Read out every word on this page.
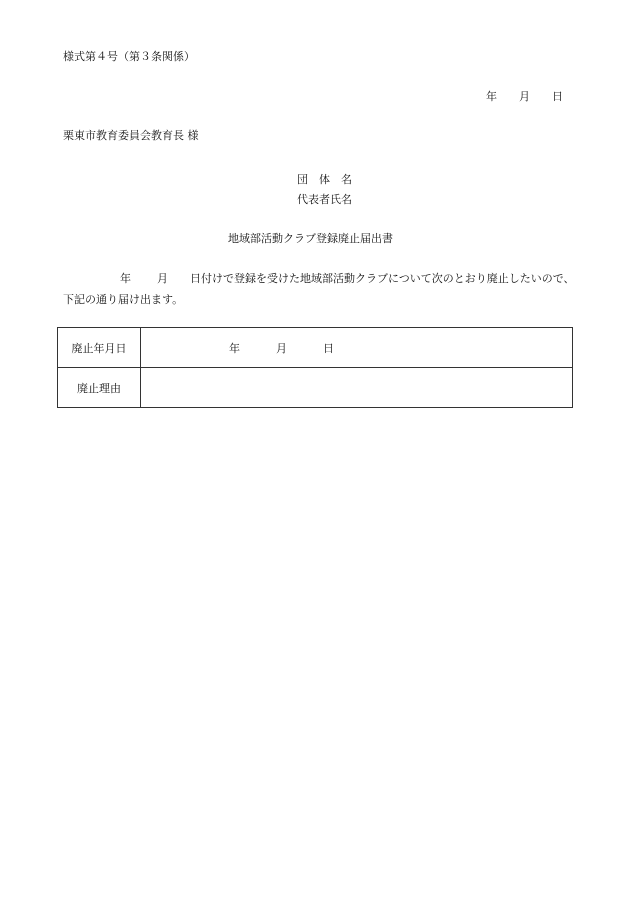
様式第４号（第３条関係）
年 月 日
栗東市教育委員会教育長 様
団　体　名
代表者氏名
地域部活動クラブ登録廃止届出書
年 月 日付けで登録を受けた地域部活動クラブについて次のとおり廃止したいので、下記の通り届け出ます。
廃止年月日	年 月 日
廃止理由	
